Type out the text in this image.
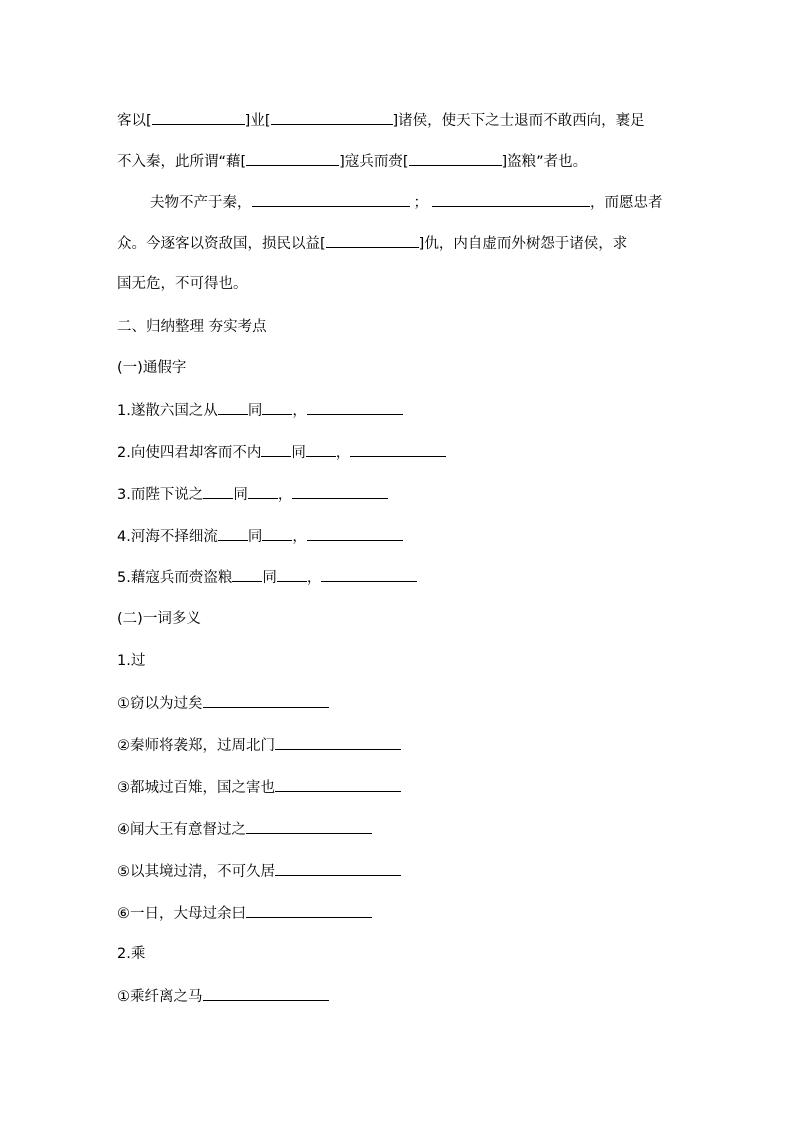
客以[	]业[	]诸侯，使天下之士退而不敢西向，裹足
不入秦，此所谓“藉[	]寇兵而赍[	]盗粮”者也。
夫物不产于秦，	；	，而愿忠者
众。今逐客以资敌国，损民以益[	]仇，内自虚而外树怨于诸侯，求
国无危，不可得也。
二、归纳整理 夯实考点
(一)通假字
1.遂散六国之从 同 ，
2.向使四君却客而不内 同 ，
3.而陛下说之 同 ，
4.河海不择细流 同 ，
5.藉寇兵而赍盗粮 同 ，
(二)一词多义
1.过
①窃以为过矣
②秦师将袭郑，过周北门
③都城过百雉，国之害也
④闻大王有意督过之
⑤以其境过清，不可久居
⑥一日，大母过余曰
2.乘
①乘纤离之马
